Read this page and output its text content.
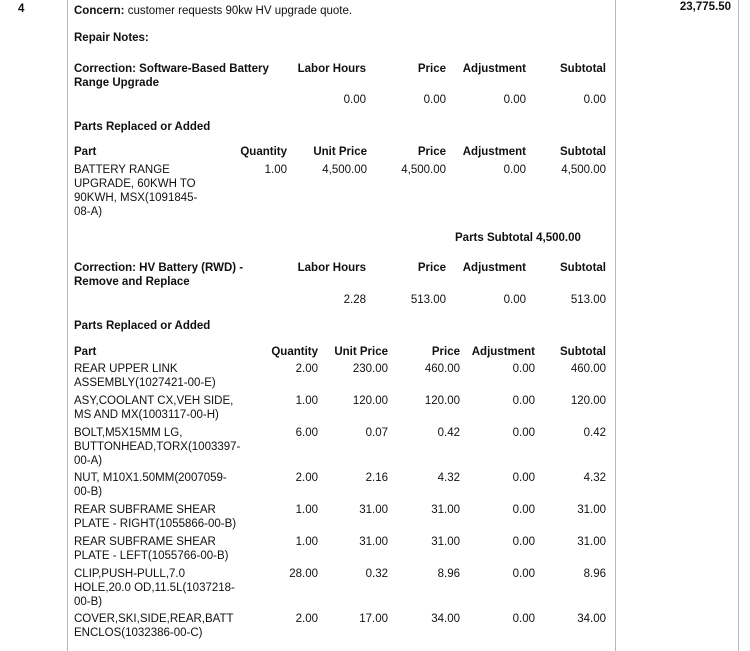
4	23,775.50
Concern: customer requests 90kw HV upgrade quote.
Repair Notes:
Correction: Software-Based Battery
Range Upgrade
Labor Hours	Price	Adjustment	Subtotal
0.00	0.00	0.00	0.00
Parts Replaced or Added
Part	Quantity	Unit Price	Price	Adjustment	Subtotal
BATTERY RANGE
UPGRADE, 60KWH TO
90KWH, MSX(1091845-
08-A)
1.00	4,500.00	4,500.00	0.00	4,500.00
Parts Subtotal 4,500.00
Correction: HV Battery (RWD) -
Remove and Replace
Labor Hours	Price	Adjustment	Subtotal
2.28	513.00	0.00	513.00
Parts Replaced or Added
Part	Quantity	Unit Price	Price	Adjustment	Subtotal
REAR UPPER LINK
ASSEMBLY(1027421-00-E)
2.00	230.00	460.00	0.00	460.00
ASY,COOLANT CX,VEH SIDE,
MS AND MX(1003117-00-H)
1.00	120.00	120.00	0.00	120.00
BOLT,M5X15MM LG,
BUTTONHEAD,TORX(1003397-
00-A)
6.00	0.07	0.42	0.00	0.42
NUT, M10X1.50MM(2007059-
00-B)
2.00	2.16	4.32	0.00	4.32
REAR SUBFRAME SHEAR
PLATE - RIGHT(1055866-00-B)
1.00	31.00	31.00	0.00	31.00
REAR SUBFRAME SHEAR
PLATE - LEFT(1055766-00-B)
1.00	31.00	31.00	0.00	31.00
CLIP,PUSH-PULL,7.0
HOLE,20.0 OD,11.5L(1037218-
00-B)
28.00	0.32	8.96	0.00	8.96
COVER,SKI,SIDE,REAR,BATT
ENCLOS(1032386-00-C)
2.00	17.00	34.00	0.00	34.00
